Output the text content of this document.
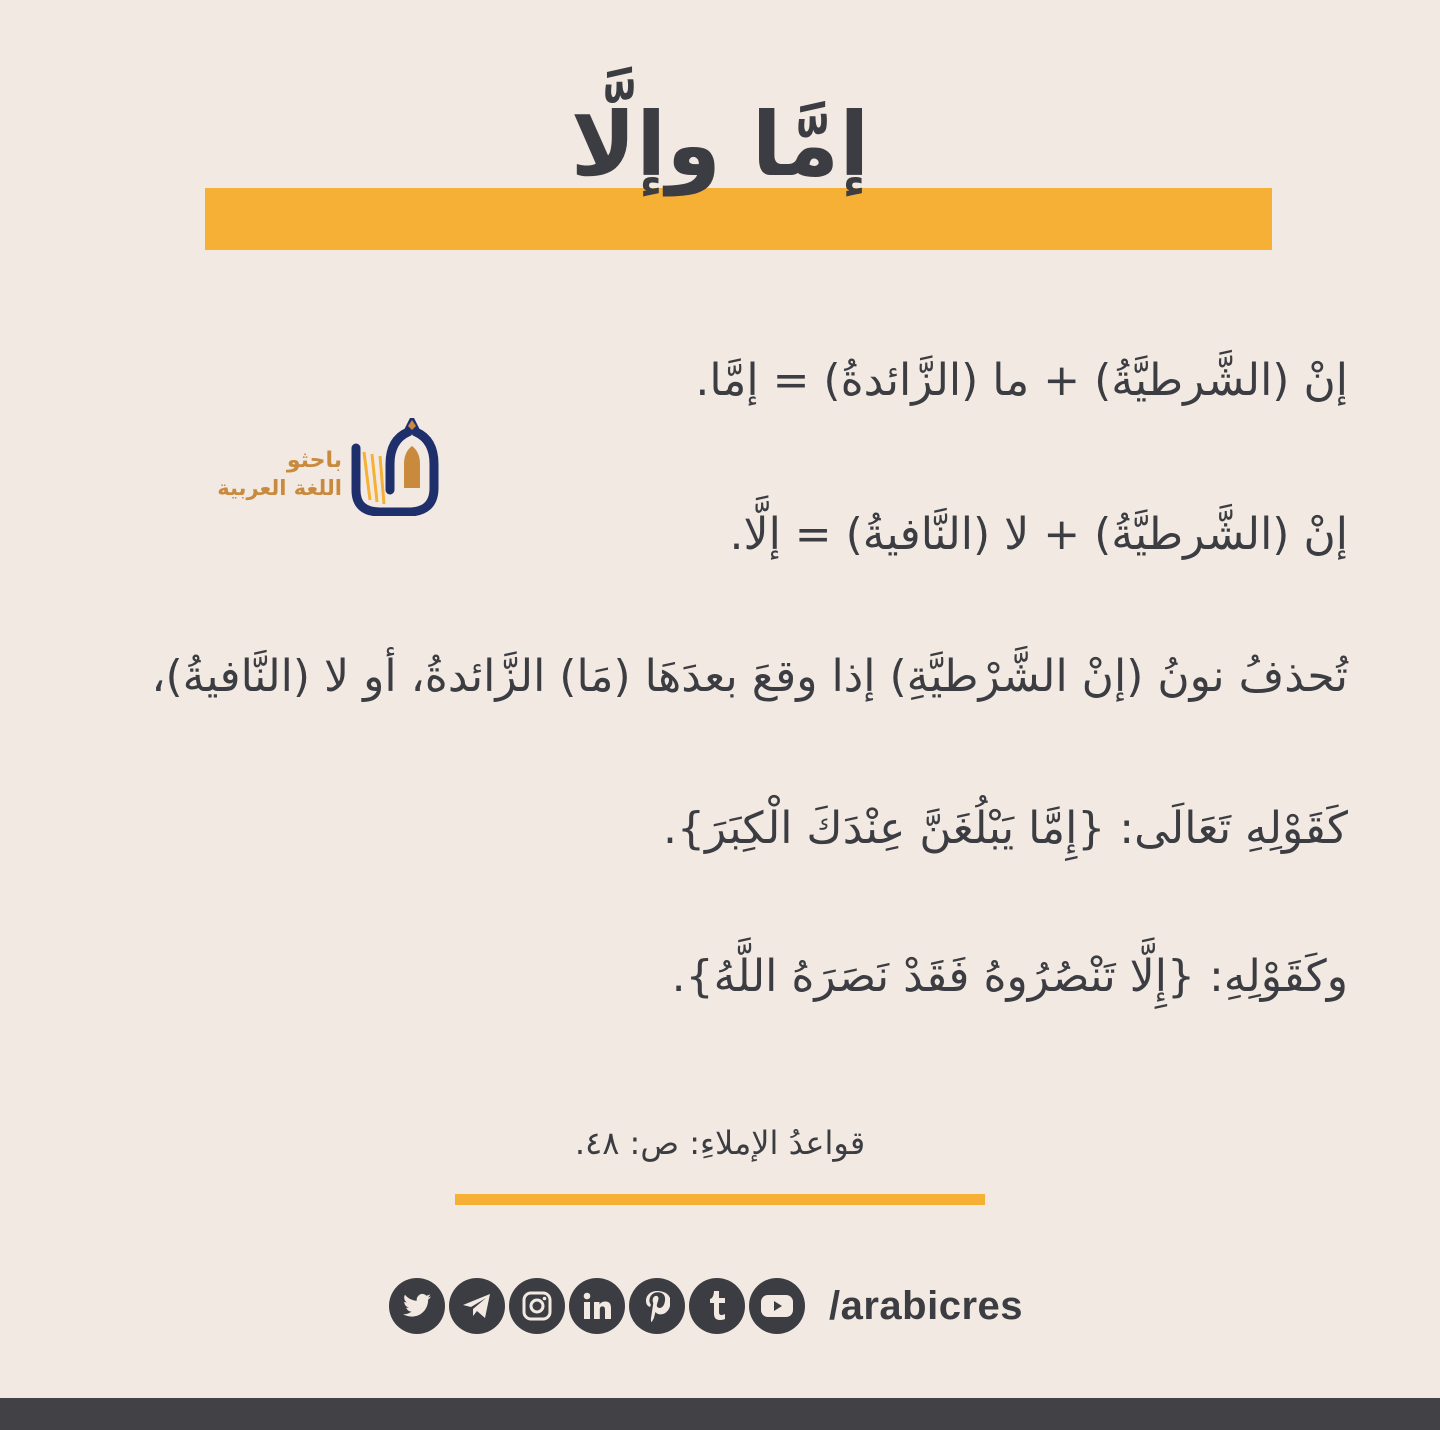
إمَّا وإلَّا
إنْ (الشَّرطيَّةُ) + ما (الزَّائدةُ) = إمَّا.
باحثو
اللغة العربية
إنْ (الشَّرطيَّةُ) + لا (النَّافيةُ) = إلَّا.
تُحذفُ نونُ (إنْ الشَّرْطيَّةِ) إذا وقعَ بعدَهَا (مَا) الزَّائدةُ، أو لا (النَّافيةُ)،
كَقَوْلِهِ تَعَالَى: {إِمَّا يَبْلُغَنَّ عِنْدَكَ الْكِبَرَ}.
وكَقَوْلِهِ: {إِلَّا تَنْصُرُوهُ فَقَدْ نَصَرَهُ اللَّهُ}.
قواعدُ الإملاءِ: ص: ٤٨.
/arabicres
